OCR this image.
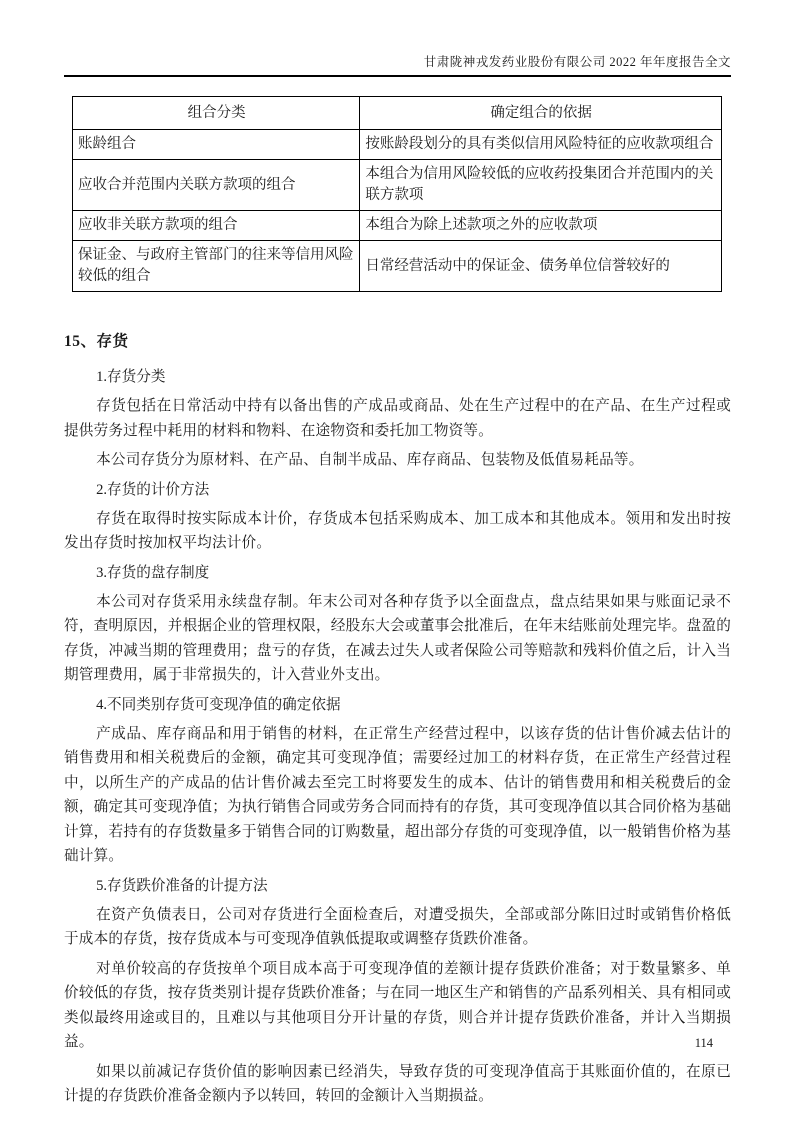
甘肃陇神戎发药业股份有限公司 2022 年年度报告全文
组合分类	确定组合的依据
账龄组合	按账龄段划分的具有类似信用风险特征的应收款项组合
应收合并范围内关联方款项的组合	本组合为信用风险较低的应收药投集团合并范围内的关联方款项
应收非关联方款项的组合	本组合为除上述款项之外的应收款项
保证金、与政府主管部门的往来等信用风险较低的组合	日常经营活动中的保证金、债务单位信誉较好的
15、存货
1.存货分类
存货包括在日常活动中持有以备出售的产成品或商品、处在生产过程中的在产品、在生产过程或提供劳务过程中耗用的材料和物料、在途物资和委托加工物资等。
本公司存货分为原材料、在产品、自制半成品、库存商品、包装物及低值易耗品等。
2.存货的计价方法
存货在取得时按实际成本计价，存货成本包括采购成本、加工成本和其他成本。领用和发出时按发出存货时按加权平均法计价。
3.存货的盘存制度
本公司对存货采用永续盘存制。年末公司对各种存货予以全面盘点，盘点结果如果与账面记录不符，查明原因，并根据企业的管理权限，经股东大会或董事会批准后，在年末结账前处理完毕。盘盈的存货，冲减当期的管理费用；盘亏的存货，在减去过失人或者保险公司等赔款和残料价值之后，计入当期管理费用，属于非常损失的，计入营业外支出。
4.不同类别存货可变现净值的确定依据
产成品、库存商品和用于销售的材料，在正常生产经营过程中，以该存货的估计售价减去估计的销售费用和相关税费后的金额，确定其可变现净值；需要经过加工的材料存货，在正常生产经营过程中，以所生产的产成品的估计售价减去至完工时将要发生的成本、估计的销售费用和相关税费后的金额，确定其可变现净值；为执行销售合同或劳务合同而持有的存货，其可变现净值以其合同价格为基础计算，若持有的存货数量多于销售合同的订购数量，超出部分存货的可变现净值，以一般销售价格为基础计算。
5.存货跌价准备的计提方法
在资产负债表日，公司对存货进行全面检查后，对遭受损失，全部或部分陈旧过时或销售价格低于成本的存货，按存货成本与可变现净值孰低提取或调整存货跌价准备。
对单价较高的存货按单个项目成本高于可变现净值的差额计提存货跌价准备；对于数量繁多、单价较低的存货，按存货类别计提存货跌价准备；与在同一地区生产和销售的产品系列相关、具有相同或类似最终用途或目的，且难以与其他项目分开计量的存货，则合并计提存货跌价准备，并计入当期损益。
如果以前减记存货价值的影响因素已经消失，导致存货的可变现净值高于其账面价值的，在原已计提的存货跌价准备金额内予以转回，转回的金额计入当期损益。
114
